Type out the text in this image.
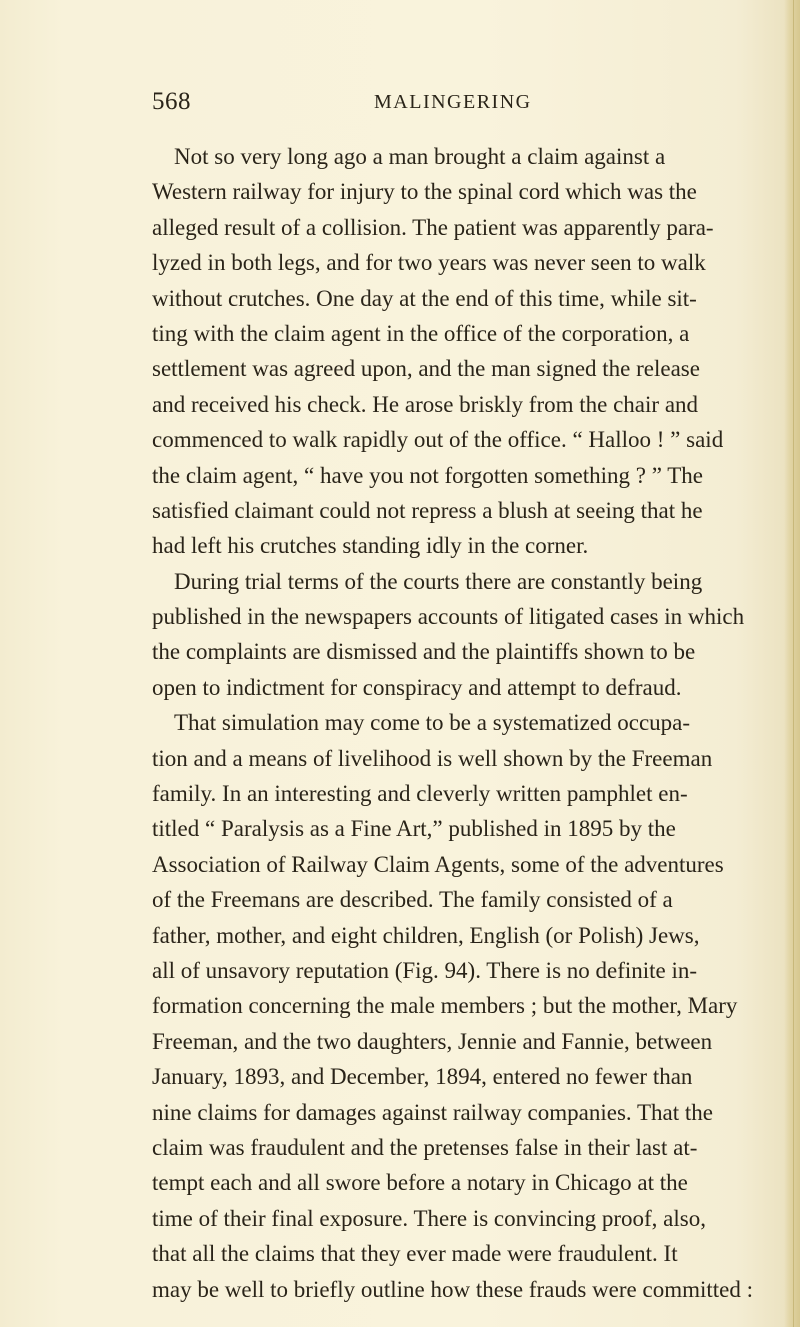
568	MALINGERING
Not so very long ago a man brought a claim against a
Western railway for injury to the spinal cord which was the
alleged result of a collision. The patient was apparently para-
lyzed in both legs, and for two years was never seen to walk
without crutches. One day at the end of this time, while sit-
ting with the claim agent in the office of the corporation, a
settlement was agreed upon, and the man signed the release
and received his check. He arose briskly from the chair and
commenced to walk rapidly out of the office. “ Halloo ! ” said
the claim agent, “ have you not forgotten something ? ” The
satisfied claimant could not repress a blush at seeing that he
had left his crutches standing idly in the corner.
During trial terms of the courts there are constantly being
published in the newspapers accounts of litigated cases in which
the complaints are dismissed and the plaintiffs shown to be
open to indictment for conspiracy and attempt to defraud.
That simulation may come to be a systematized occupa-
tion and a means of livelihood is well shown by the Freeman
family. In an interesting and cleverly written pamphlet en-
titled “ Paralysis as a Fine Art,” published in 1895 by the
Association of Railway Claim Agents, some of the adventures
of the Freemans are described. The family consisted of a
father, mother, and eight children, English (or Polish) Jews,
all of unsavory reputation (Fig. 94). There is no definite in-
formation concerning the male members ; but the mother, Mary
Freeman, and the two daughters, Jennie and Fannie, between
January, 1893, and December, 1894, entered no fewer than
nine claims for damages against railway companies. That the
claim was fraudulent and the pretenses false in their last at-
tempt each and all swore before a notary in Chicago at the
time of their final exposure. There is convincing proof, also,
that all the claims that they ever made were fraudulent. It
may be well to briefly outline how these frauds were committed :
